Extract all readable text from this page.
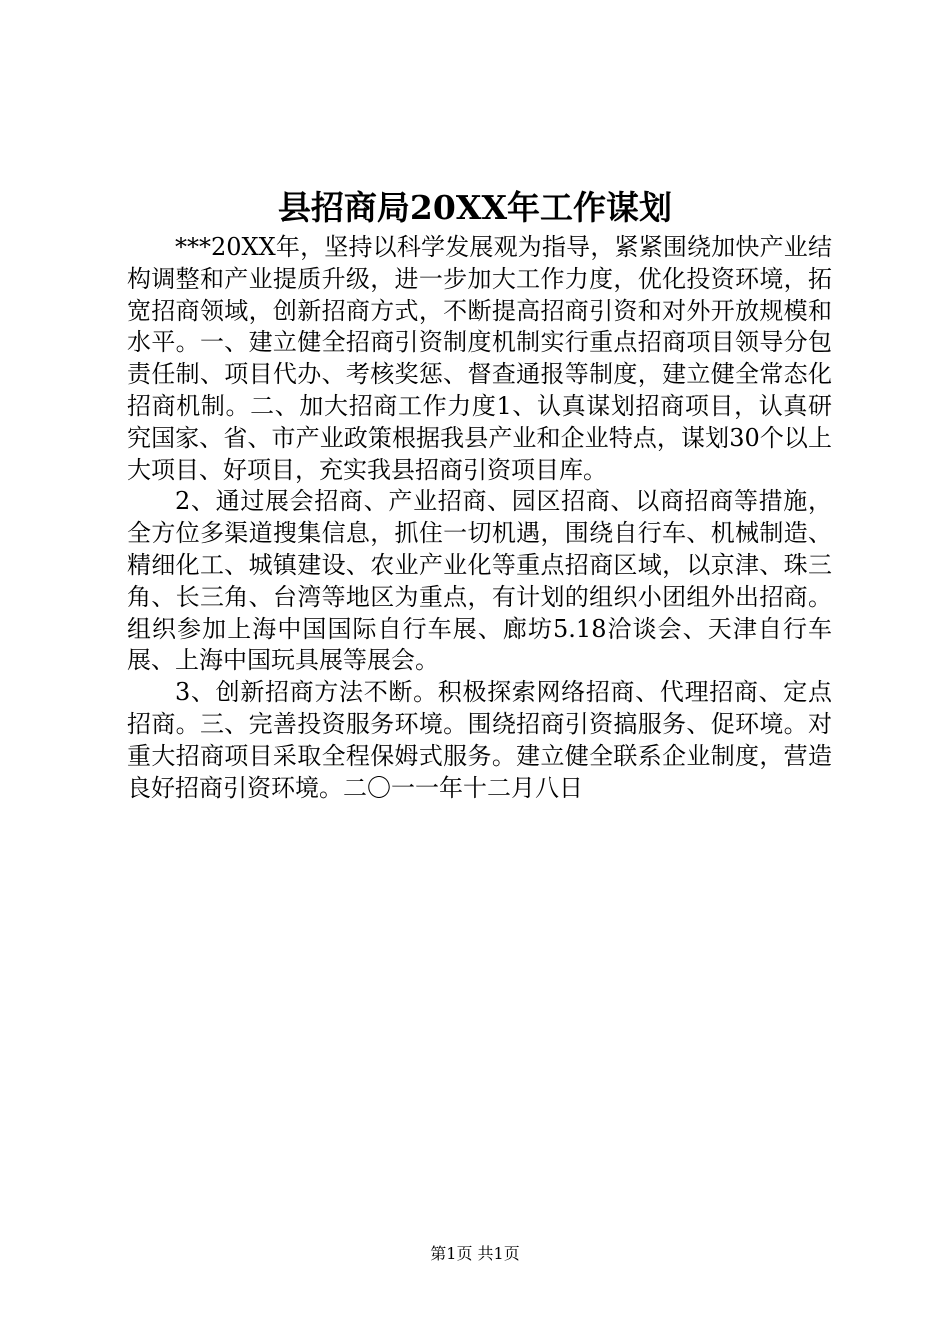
县招商局20XX年工作谋划

***20XX年，坚持以科学发展观为指导，紧紧围绕加快产业结构调整和产业提质升级，进一步加大工作力度，优化投资环境，拓宽招商领域，创新招商方式，不断提高招商引资和对外开放规模和水平。一、建立健全招商引资制度机制实行重点招商项目领导分包责任制、项目代办、考核奖惩、督查通报等制度，建立健全常态化招商机制。二、加大招商工作力度1、认真谋划招商项目，认真研究国家、省、市产业政策根据我县产业和企业特点，谋划30个以上大项目、好项目，充实我县招商引资项目库。

2、通过展会招商、产业招商、园区招商、以商招商等措施，全方位多渠道搜集信息，抓住一切机遇，围绕自行车、机械制造、精细化工、城镇建设、农业产业化等重点招商区域，以京津、珠三角、长三角、台湾等地区为重点，有计划的组织小团组外出招商。组织参加上海中国国际自行车展、廊坊5.18洽谈会、天津自行车展、上海中国玩具展等展会。

3、创新招商方法不断。积极探索网络招商、代理招商、定点招商。三、完善投资服务环境。围绕招商引资搞服务、促环境。对重大招商项目采取全程保姆式服务。建立健全联系企业制度，营造良好招商引资环境。二〇一一年十二月八日

第1页 共1页
